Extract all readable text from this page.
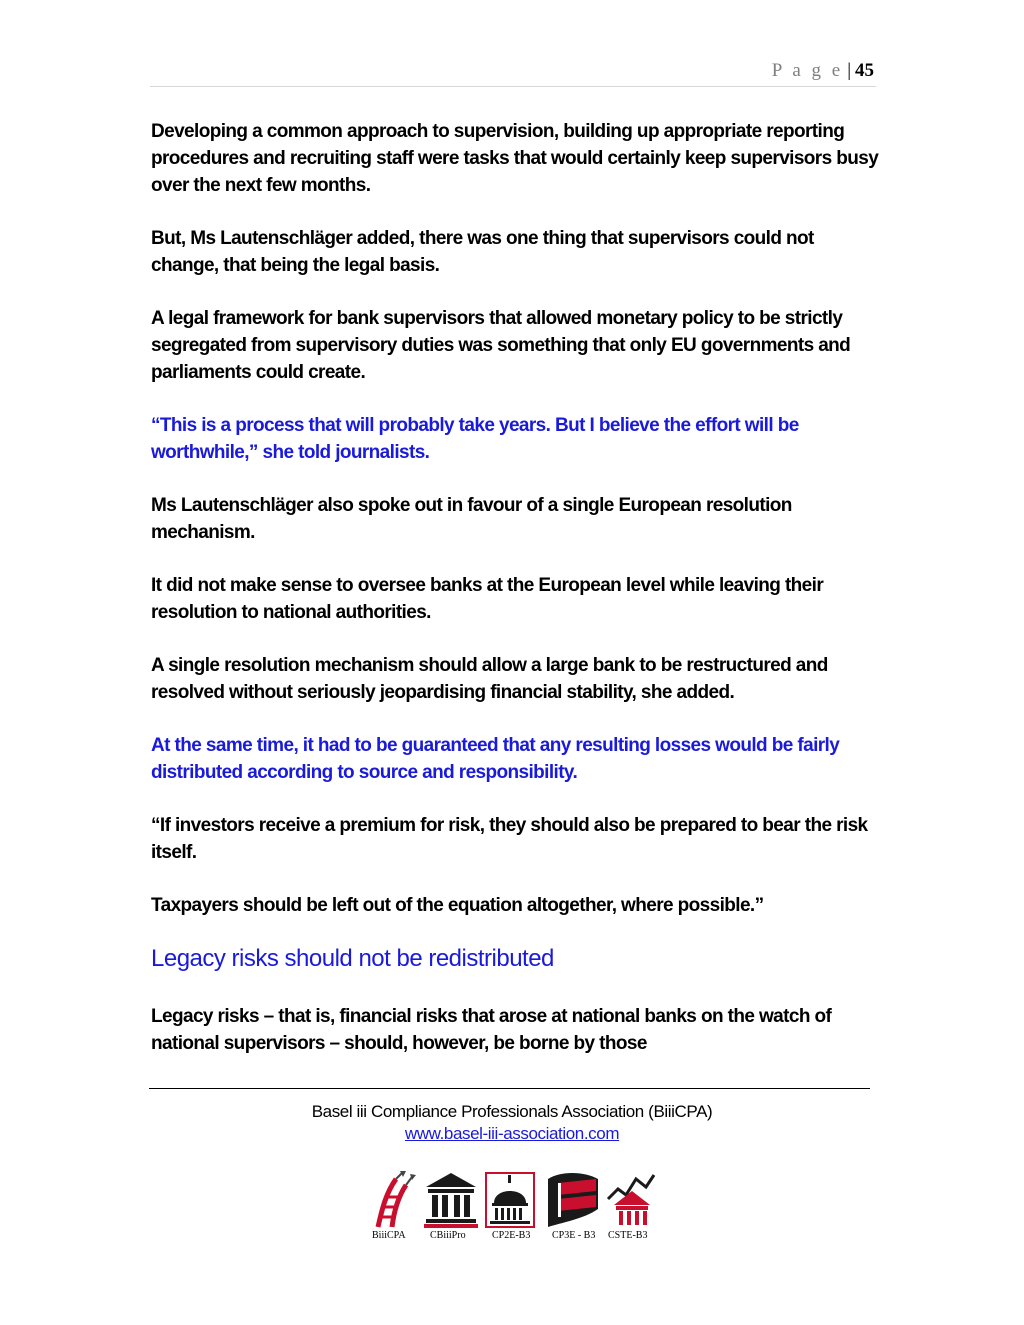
P a g e | 45

Developing a common approach to supervision, building up appropriate reporting procedures and recruiting staff were tasks that would certainly keep supervisors busy over the next few months.

But, Ms Lautenschläger added, there was one thing that supervisors could not change, that being the legal basis.

A legal framework for bank supervisors that allowed monetary policy to be strictly segregated from supervisory duties was something that only EU governments and parliaments could create.

“This is a process that will probably take years. But I believe the effort will be worthwhile,” she told journalists.

Ms Lautenschläger also spoke out in favour of a single European resolution mechanism.

It did not make sense to oversee banks at the European level while leaving their resolution to national authorities.

A single resolution mechanism should allow a large bank to be restructured and resolved without seriously jeopardising financial stability, she added.

At the same time, it had to be guaranteed that any resulting losses would be fairly distributed according to source and responsibility.

“If investors receive a premium for risk, they should also be prepared to bear the risk itself.

Taxpayers should be left out of the equation altogether, where possible.”

Legacy risks should not be redistributed

Legacy risks – that is, financial risks that arose at national banks on the watch of national supervisors – should, however, be borne by those

Basel iii Compliance Professionals Association (BiiiCPA)
www.basel-iii-association.com
BiiiCPA CBiiiPro	CP2E-B3 CP3E - B3 CSTE-B3
